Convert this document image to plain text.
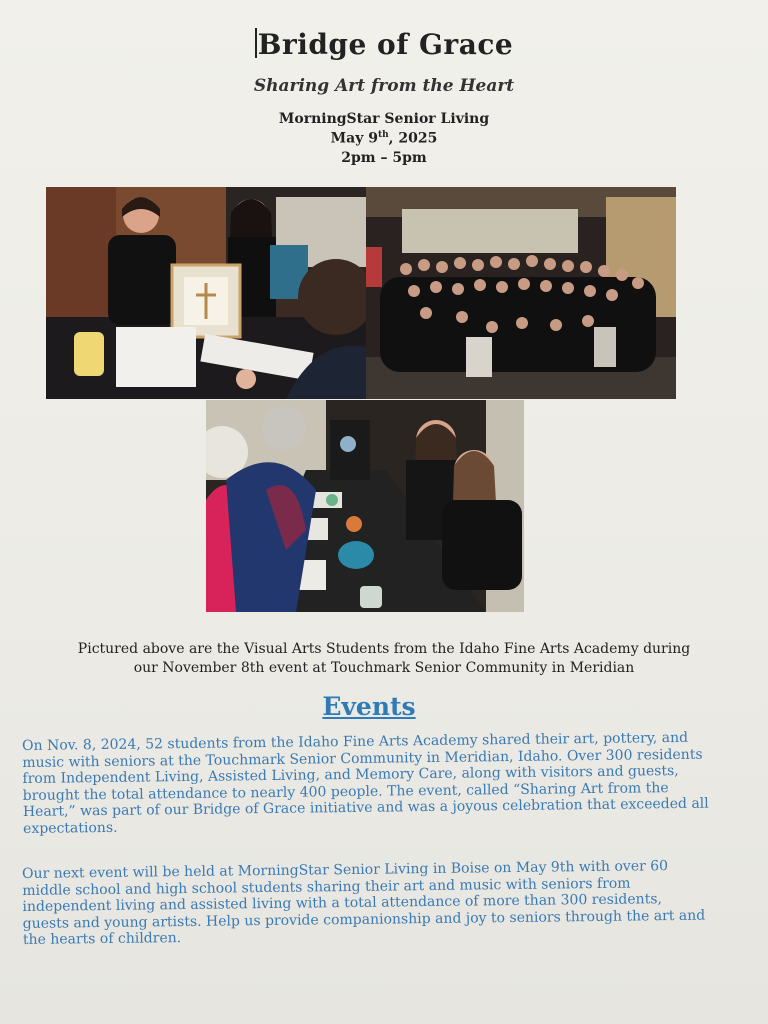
Bridge of Grace
Sharing Art from the Heart
MorningStar Senior Living
May 9th, 2025
2pm – 5pm
Pictured above are the Visual Arts Students from the Idaho Fine Arts Academy during
our November 8th event at Touchmark Senior Community in Meridian
Events
On Nov. 8, 2024, 52 students from the Idaho Fine Arts Academy shared their art, pottery, and music with seniors at the Touchmark Senior Community in Meridian, Idaho. Over 300 residents from Independent Living, Assisted Living, and Memory Care, along with visitors and guests, brought the total attendance to nearly 400 people. The event, called “Sharing Art from the Heart,” was part of our Bridge of Grace initiative and was a joyous celebration that exceeded all expectations.
Our next event will be held at MorningStar Senior Living in Boise on May 9th with over 60 middle school and high school students sharing their art and music with seniors from independent living and assisted living with a total attendance of more than 300 residents, guests and young artists. Help us provide companionship and joy to seniors through the art and the hearts of children.
